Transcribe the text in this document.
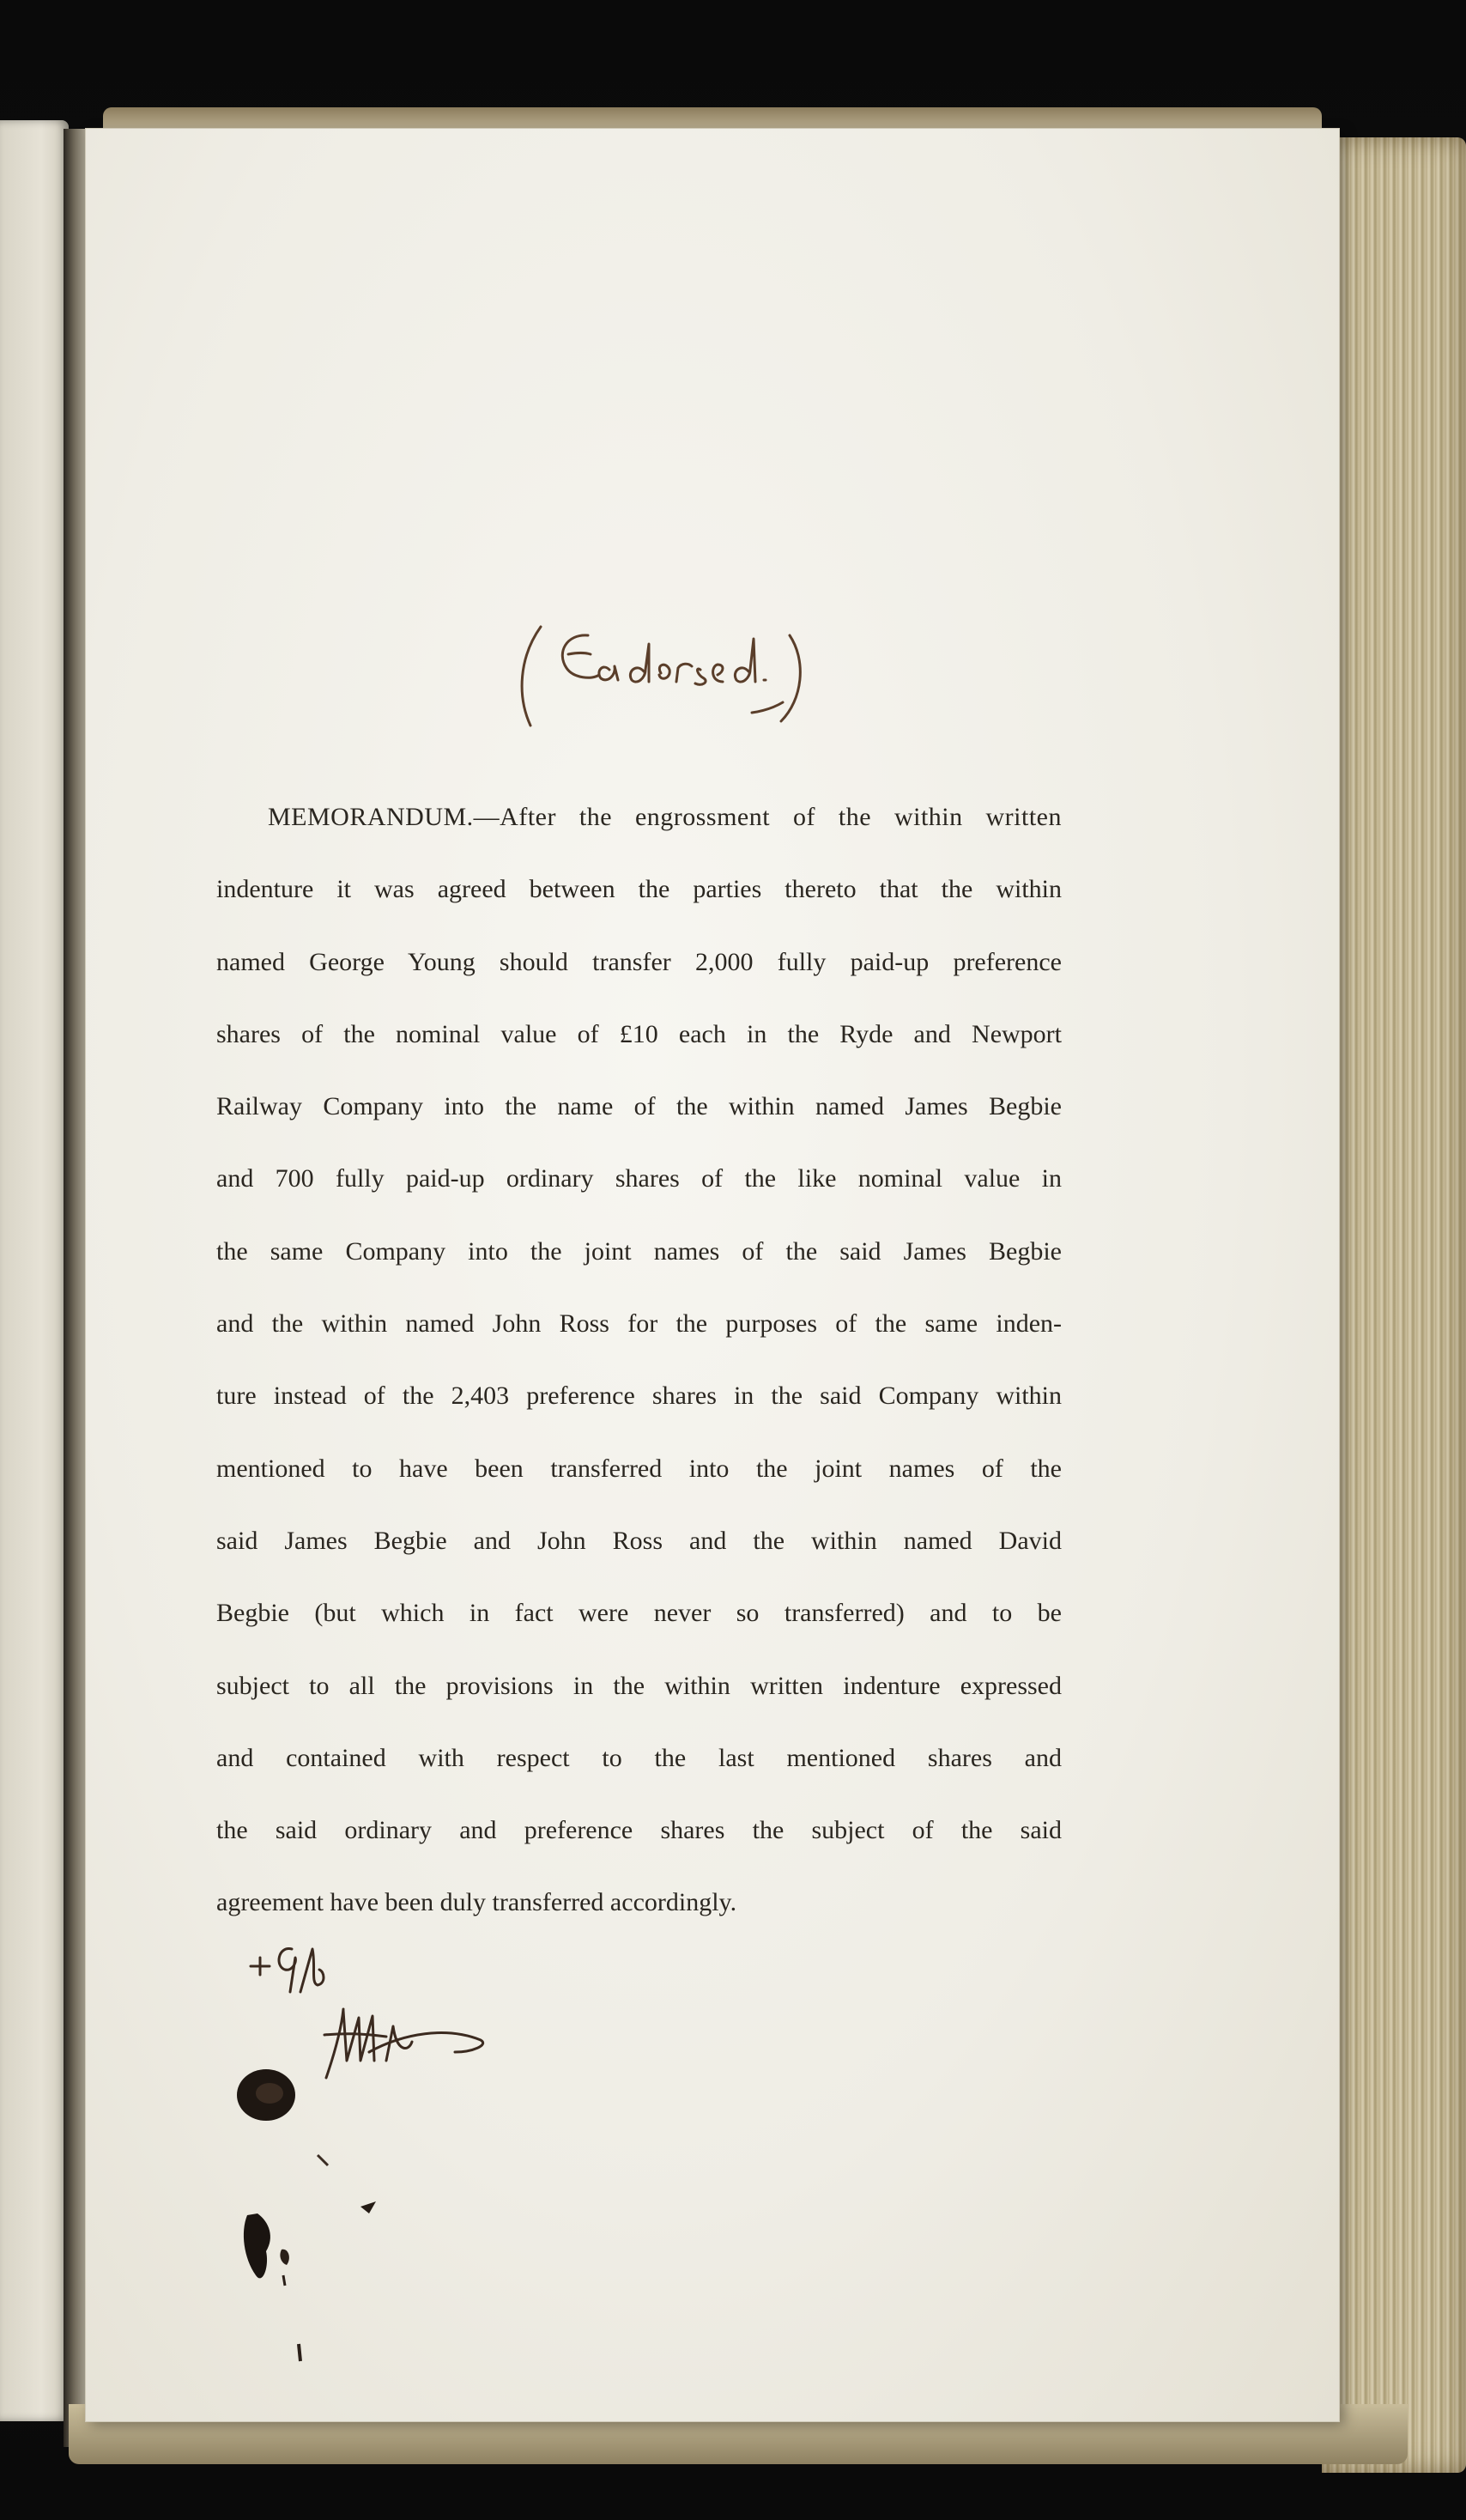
MEMORANDUM.—After the engrossment of the within written
indenture it was agreed between the parties thereto that the within
named George Young should transfer 2,000 fully paid-up preference
shares of the nominal value of £10 each in the Ryde and Newport
Railway Company into the name of the within named James Begbie
and 700 fully paid-up ordinary shares of the like nominal value in
the same Company into the joint names of the said James Begbie
and the within named John Ross for the purposes of the same inden-
ture instead of the 2,403 preference shares in the said Company within
mentioned to have been transferred into the joint names of the
said James Begbie and John Ross and the within named David
Begbie (but which in fact were never so transferred) and to be
subject to all the provisions in the within written indenture expressed
and contained with respect to the last mentioned shares and
the said ordinary and preference shares the subject of the said
agreement have been duly transferred accordingly.
